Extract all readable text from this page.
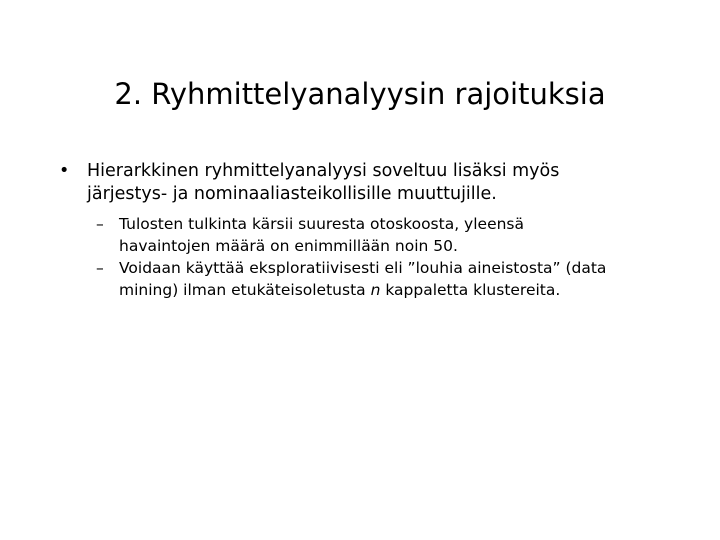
2. Ryhmittelyanalyysin rajoituksia
• Hierarkkinen ryhmittelyanalyysi soveltuu lisäksi myös
järjestys- ja nominaaliasteikollisille muuttujille.
– Tulosten tulkinta kärsii suuresta otoskoosta, yleensä
havaintojen määrä on enimmillään noin 50.
– Voidaan käyttää eksploratiivisesti eli ”louhia aineistosta” (data
mining) ilman etukäteisoletusta n kappaletta klustereita.
